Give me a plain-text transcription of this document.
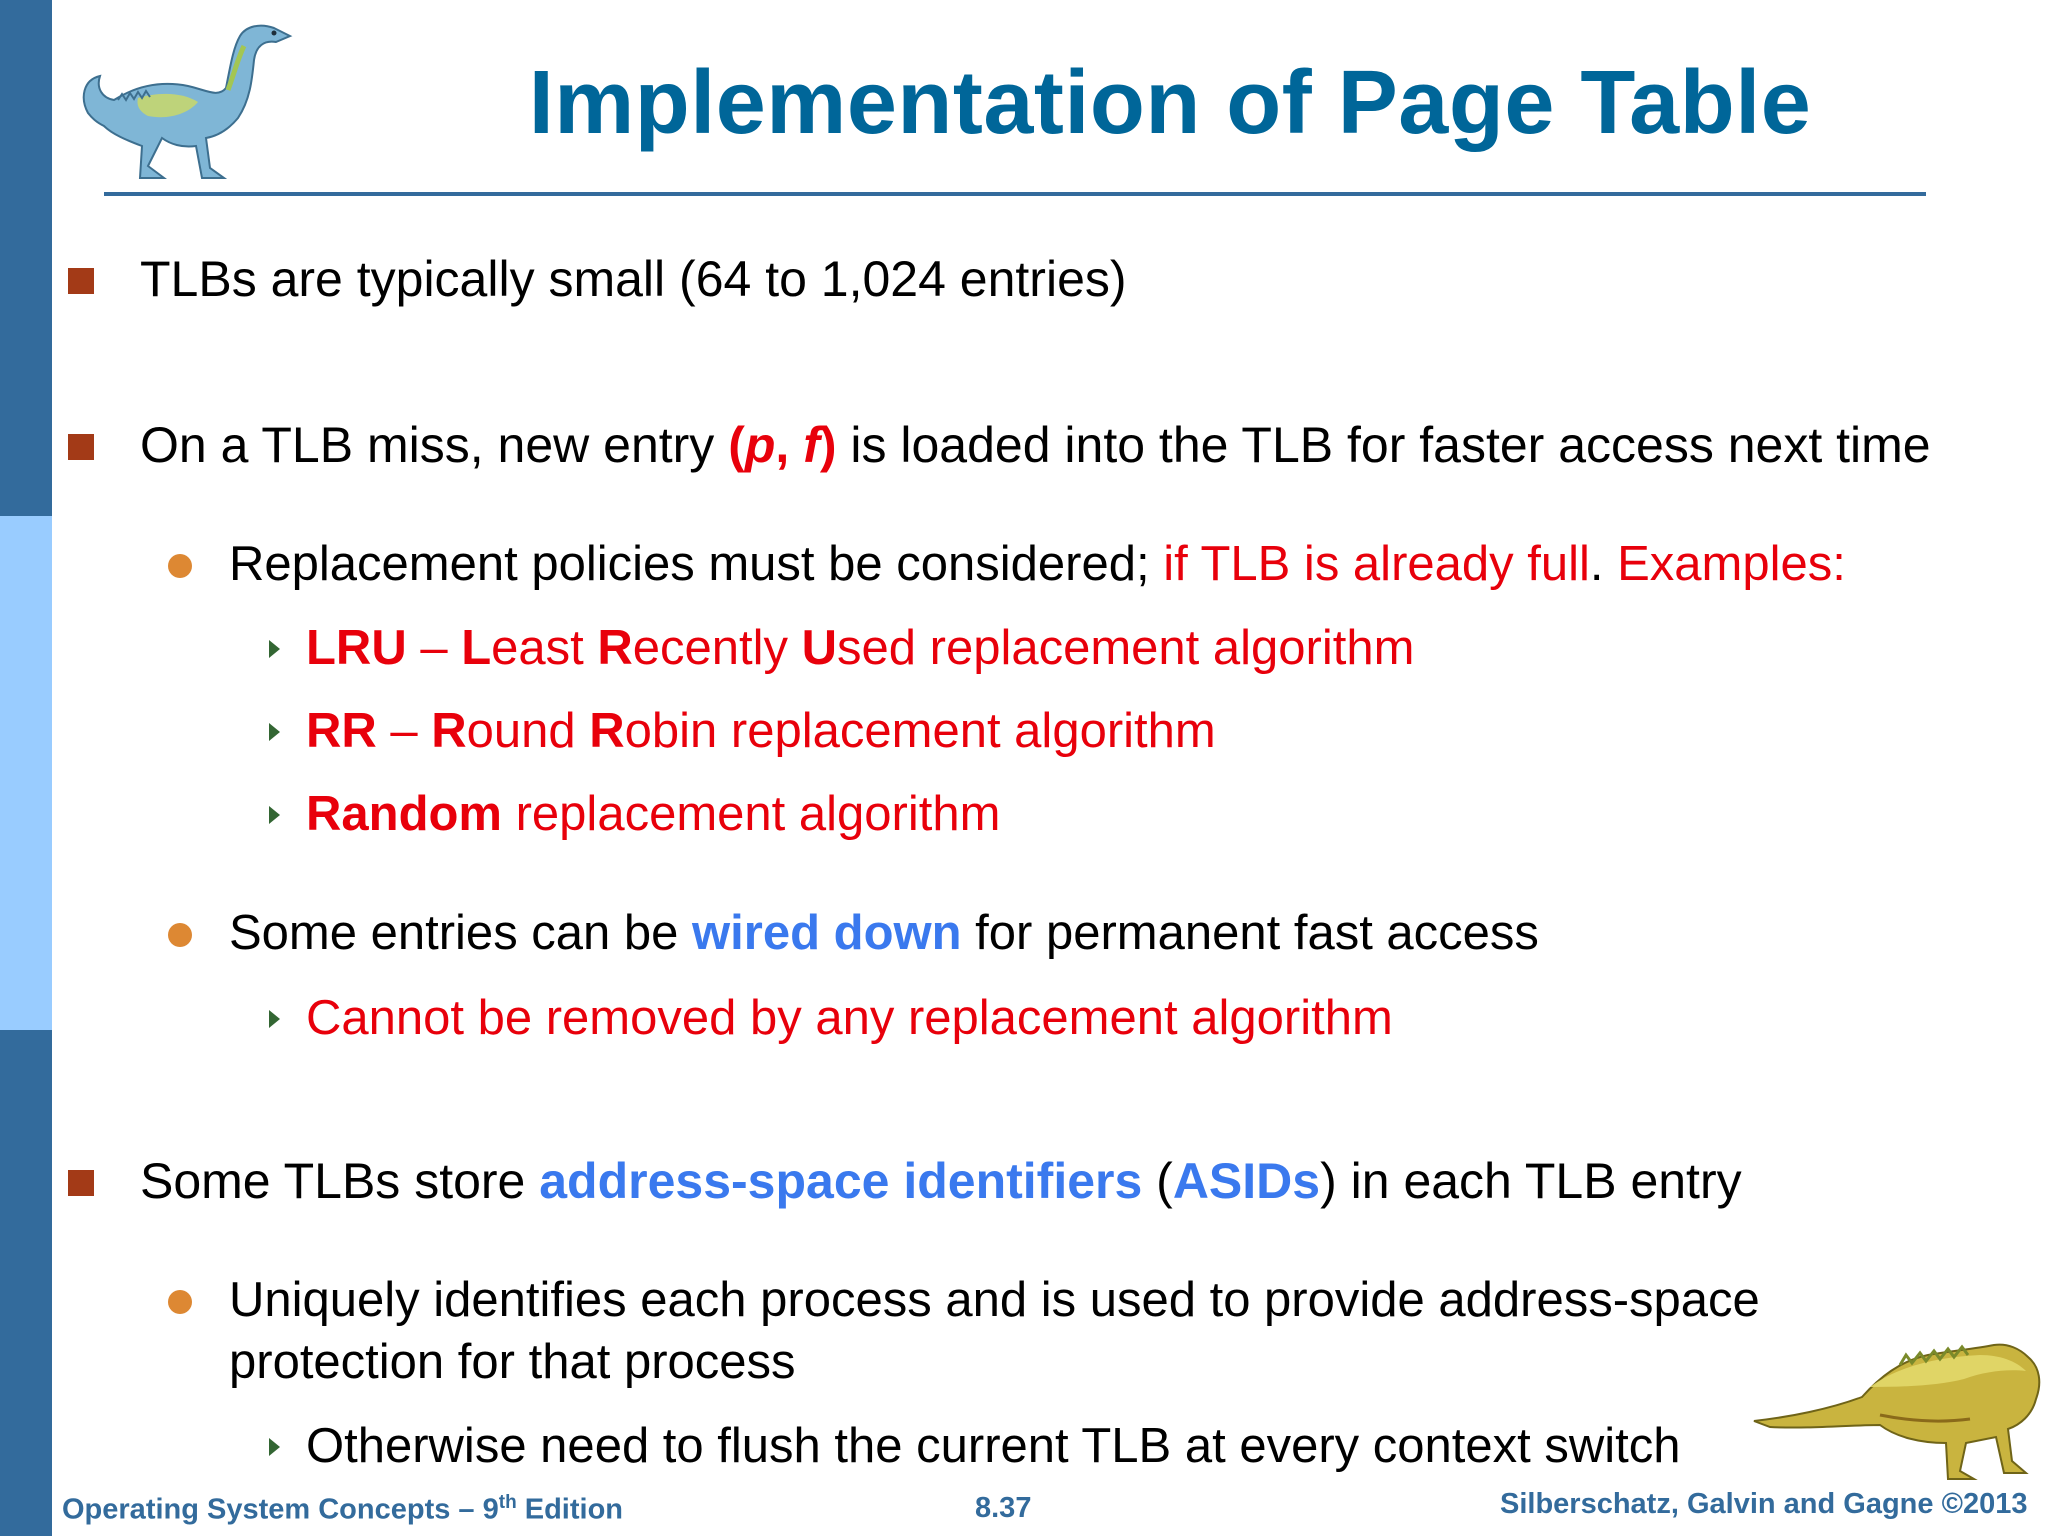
Implementation of Page Table
TLBs are typically small (64 to 1,024 entries)
On a TLB miss, new entry (p, f) is loaded into the TLB for faster access next time
Replacement policies must be considered; if TLB is already full. Examples:
LRU – Least Recently Used replacement algorithm
RR – Round Robin replacement algorithm
Random replacement algorithm
Some entries can be wired down for permanent fast access
Cannot be removed by any replacement algorithm
Some TLBs store address-space identifiers (ASIDs) in each TLB entry
Uniquely identifies each process and is used to provide address-space
protection for that process
Otherwise need to flush the current TLB at every context switch
Operating System Concepts – 9th Edition	8.37	Silberschatz, Galvin and Gagne ©2013
